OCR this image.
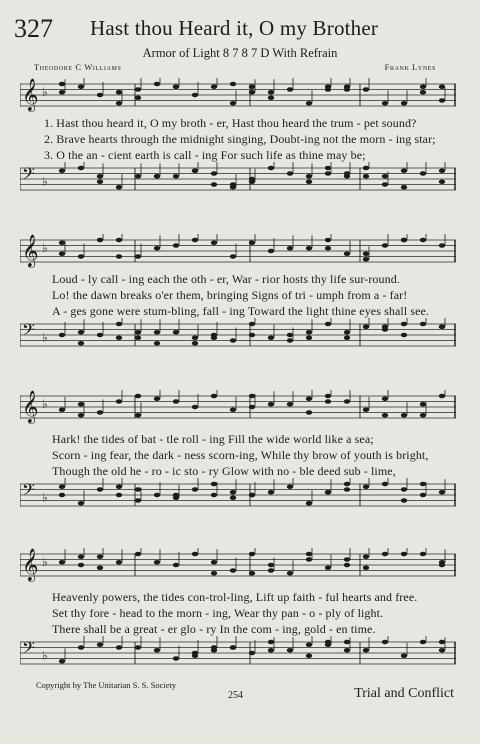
327 Hast thou Heard it, O my Brother
Armor of Light 8 7 8 7 D With Refrain
Theodore C Williams	Frank Lynes
𝄞 ♭
𝄢 ♭
𝄞 ♭
𝄢 ♭
𝄞 ♭
𝄢 ♭
𝄞 ♭
𝄢 ♭
1. Hast thou heard it, O my broth - er, Hast thou heard the trum - pet sound?
2. Brave hearts through the midnight singing, Doubt-ing not the morn - ing star;
3. O the an - cient earth is call - ing For such life as thine may be;
Loud - ly call - ing each the oth - er, War - rior hosts thy life sur-round.
Lo! the dawn breaks o'er them, bringing Signs of tri - umph from a - far!
A - ges gone were stum-bling, fall - ing Toward the light thine eyes shall see.
Hark! the tides of bat - tle roll - ing Fill the wide world like a sea;
Scorn - ing fear, the dark - ness scorn-ing, While thy brow of youth is bright,
Though the old he - ro - ic sto - ry Glow with no - ble deed sub - lime,
Heavenly powers, the tides con-trol-ling, Lift up faith - ful hearts and free.
Set thy fore - head to the morn - ing, Wear thy pan - o - ply of light.
There shall be a great - er glo - ry In the com - ing, gold - en time.
Copyright by The Unitarian S. S. Society
254	Trial and Conflict
